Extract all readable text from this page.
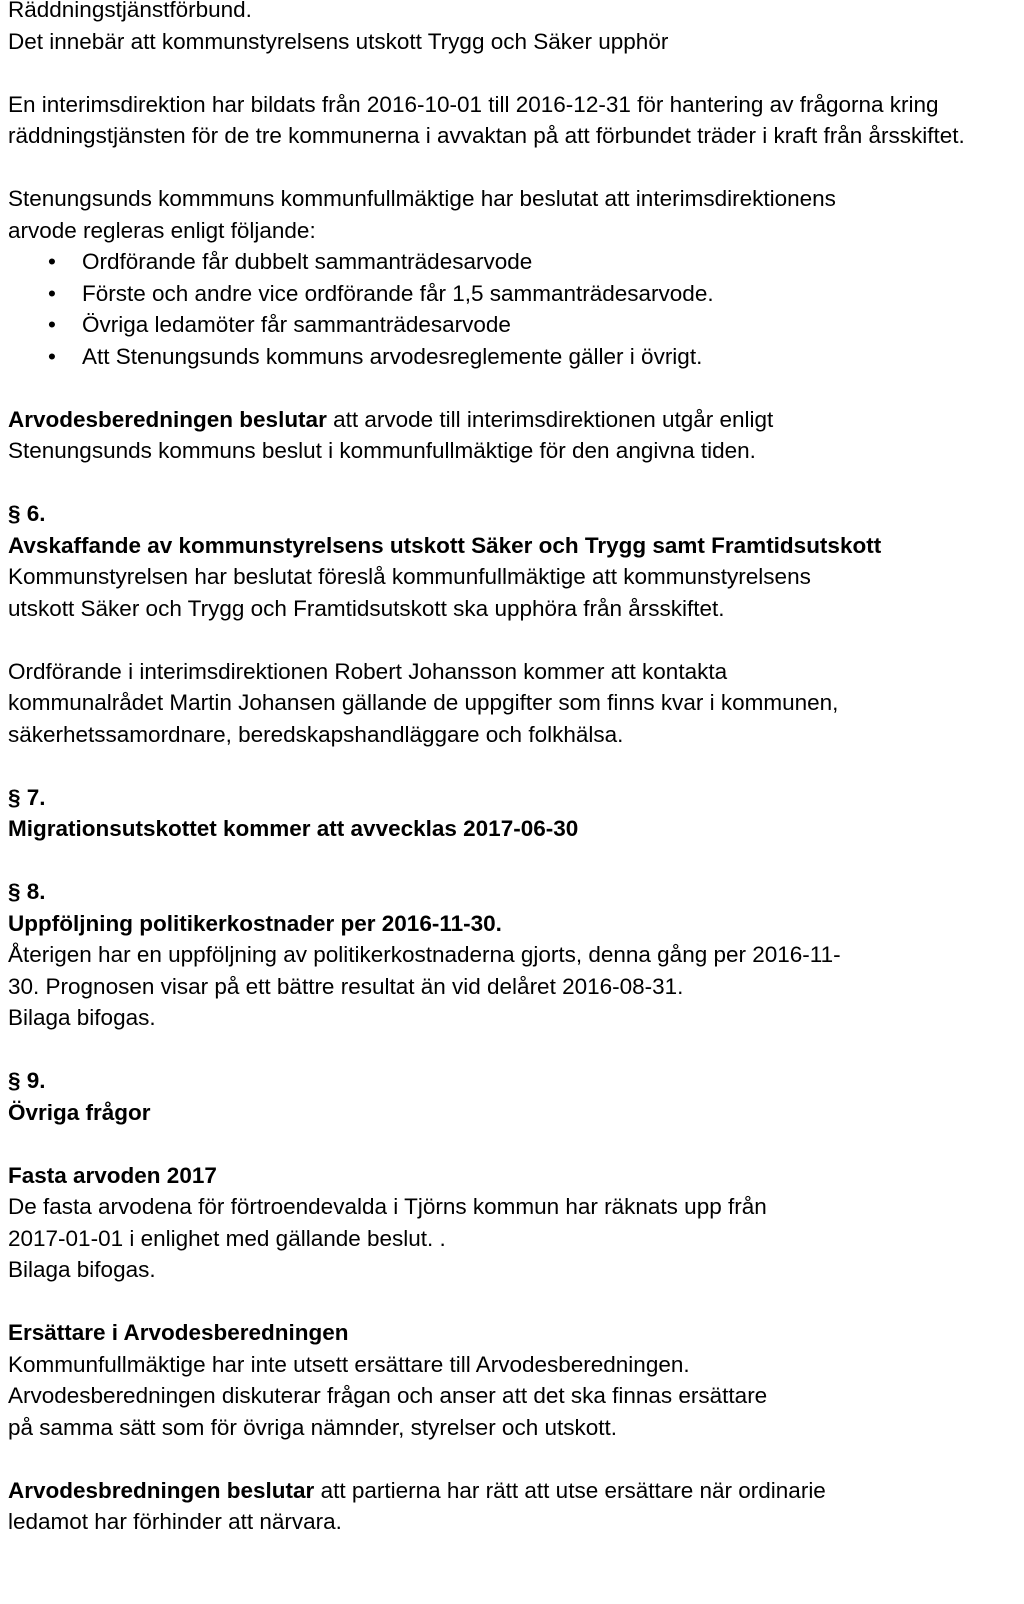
Räddningstjänstförbund.

Det innebär att kommunstyrelsens utskott Trygg och Säker upphör

En interimsdirektion har bildats från 2016-10-01 till 2016-12-31 för hantering av frågorna kring räddningstjänsten för de tre kommunerna i avvaktan på att förbundet träder i kraft från årsskiftet.

Stenungsunds kommmuns kommunfullmäktige har beslutat att interimsdirektionens

arvode regleras enligt följande:

• Ordförande får dubbelt sammanträdesarvode
• Förste och andre vice ordförande får 1,5 sammanträdesarvode.
• Övriga ledamöter får sammanträdesarvode
• Att Stenungsunds kommuns arvodesreglemente gäller i övrigt.

Arvodesberedningen beslutar att arvode till interimsdirektionen utgår enligt

Stenungsunds kommuns beslut i kommunfullmäktige för den angivna tiden.

§ 6.

Avskaffande av kommunstyrelsens utskott Säker och Trygg samt Framtidsutskott

Kommunstyrelsen har beslutat föreslå kommunfullmäktige att kommunstyrelsens

utskott Säker och Trygg och Framtidsutskott ska upphöra från årsskiftet.

Ordförande i interimsdirektionen Robert Johansson kommer att kontakta

kommunalrådet Martin Johansen gällande de uppgifter som finns kvar i kommunen,

säkerhetssamordnare, beredskapshandläggare och folkhälsa.

§ 7.

Migrationsutskottet kommer att avvecklas 2017-06-30

§ 8.

Uppföljning politikerkostnader per 2016-11-30.

Återigen har en uppföljning av politikerkostnaderna gjorts, denna gång per 2016-11-

30. Prognosen visar på ett bättre resultat än vid delåret 2016-08-31.

Bilaga bifogas.

§ 9.

Övriga frågor

Fasta arvoden 2017

De fasta arvodena för förtroendevalda i Tjörns kommun har räknats upp från

2017-01-01 i enlighet med gällande beslut. .

Bilaga bifogas.

Ersättare i Arvodesberedningen

Kommunfullmäktige har inte utsett ersättare till Arvodesberedningen.

Arvodesberedningen diskuterar frågan och anser att det ska finnas ersättare

på samma sätt som för övriga nämnder, styrelser och utskott.

Arvodesbredningen beslutar att partierna har rätt att utse ersättare när ordinarie

ledamot har förhinder att närvara.
